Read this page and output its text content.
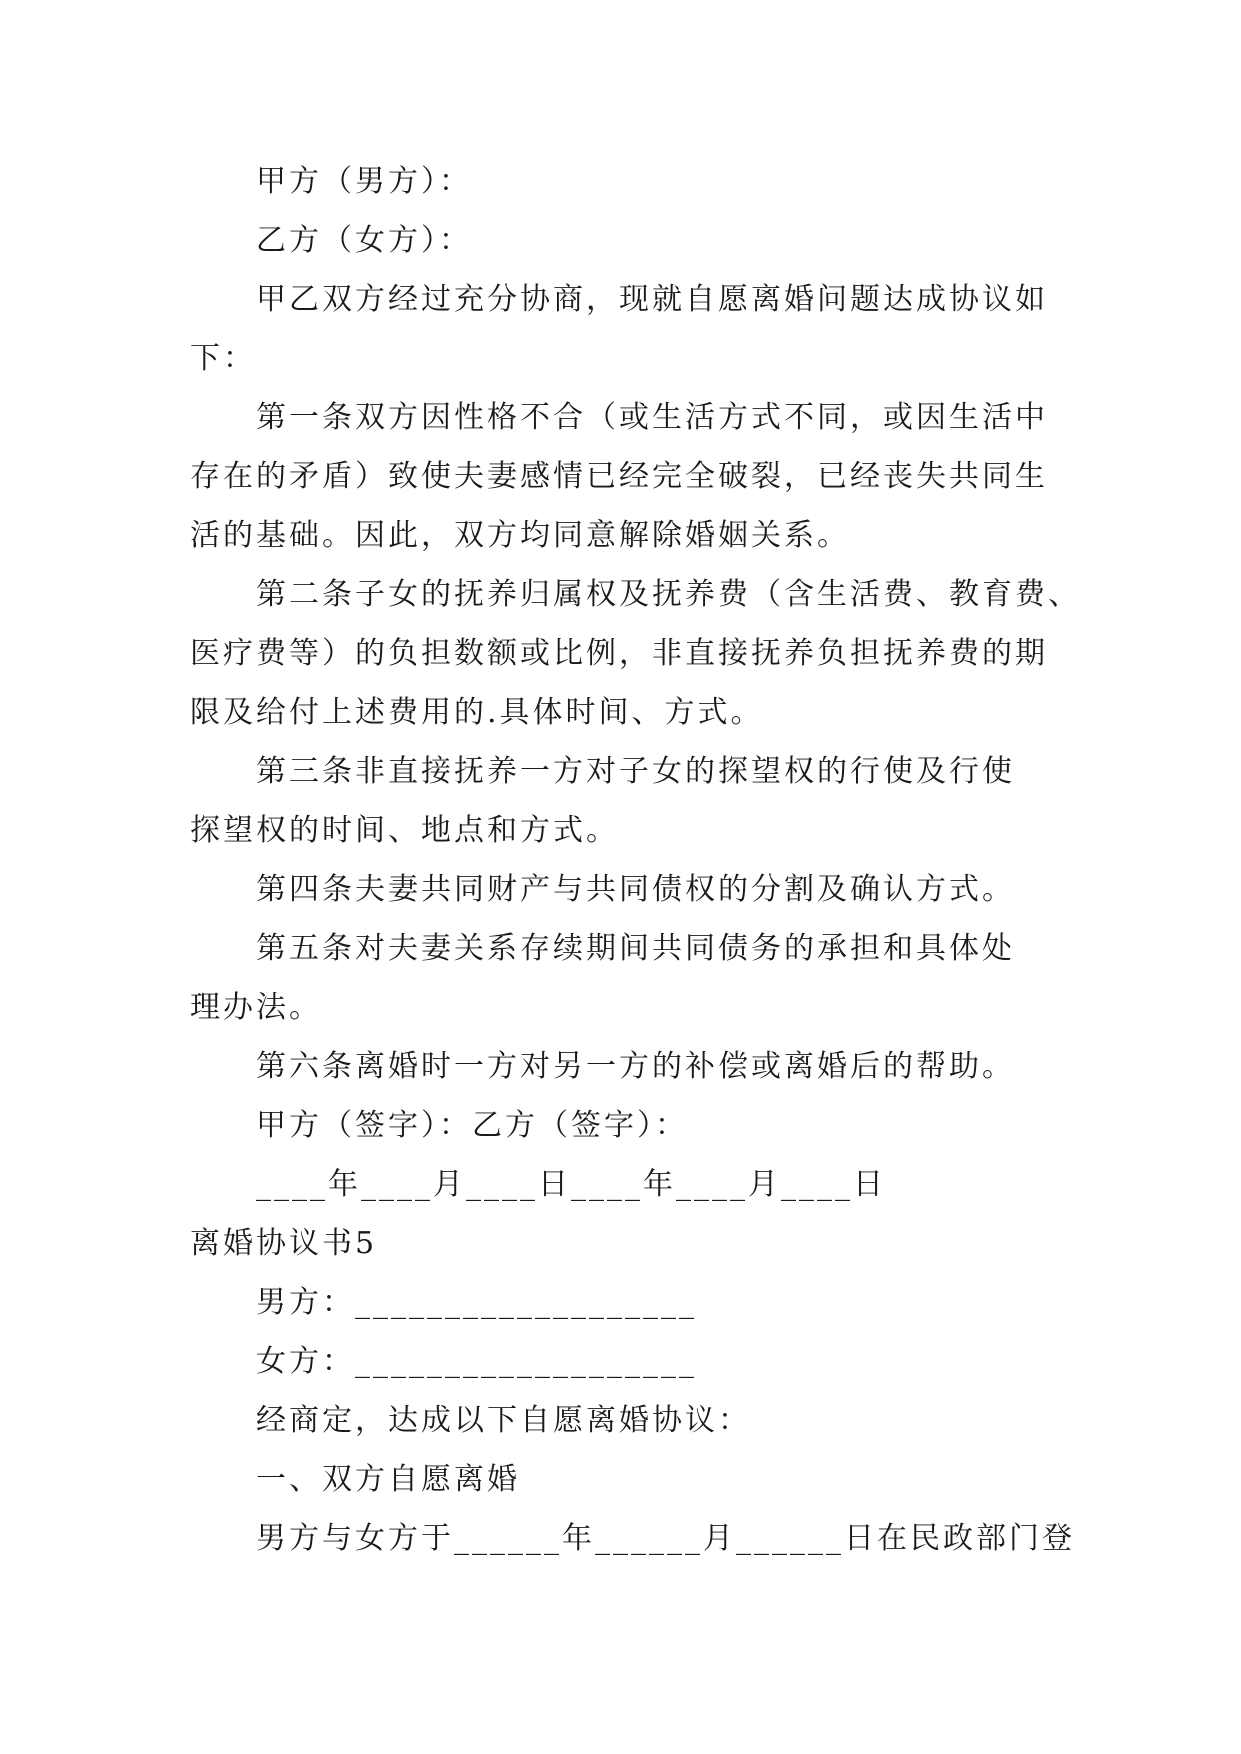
甲方（男方）：
乙方（女方）：
甲乙双方经过充分协商，现就自愿离婚问题达成协议如
下：
第一条双方因性格不合（或生活方式不同，或因生活中
存在的矛盾）致使夫妻感情已经完全破裂，已经丧失共同生
活的基础。因此，双方均同意解除婚姻关系。
第二条子女的抚养归属权及抚养费（含生活费、教育费、
医疗费等）的负担数额或比例，非直接抚养负担抚养费的期
限及给付上述费用的.具体时间、方式。
第三条非直接抚养一方对子女的探望权的行使及行使
探望权的时间、地点和方式。
第四条夫妻共同财产与共同债权的分割及确认方式。
第五条对夫妻关系存续期间共同债务的承担和具体处
理办法。
第六条离婚时一方对另一方的补偿或离婚后的帮助。
甲方（签字）：乙方（签字）：
____年____月____日____年____月____日
离婚协议书5
男方：___________________
女方：___________________
经商定，达成以下自愿离婚协议：
一、双方自愿离婚
男方与女方于______年______月______日在民政部门登
